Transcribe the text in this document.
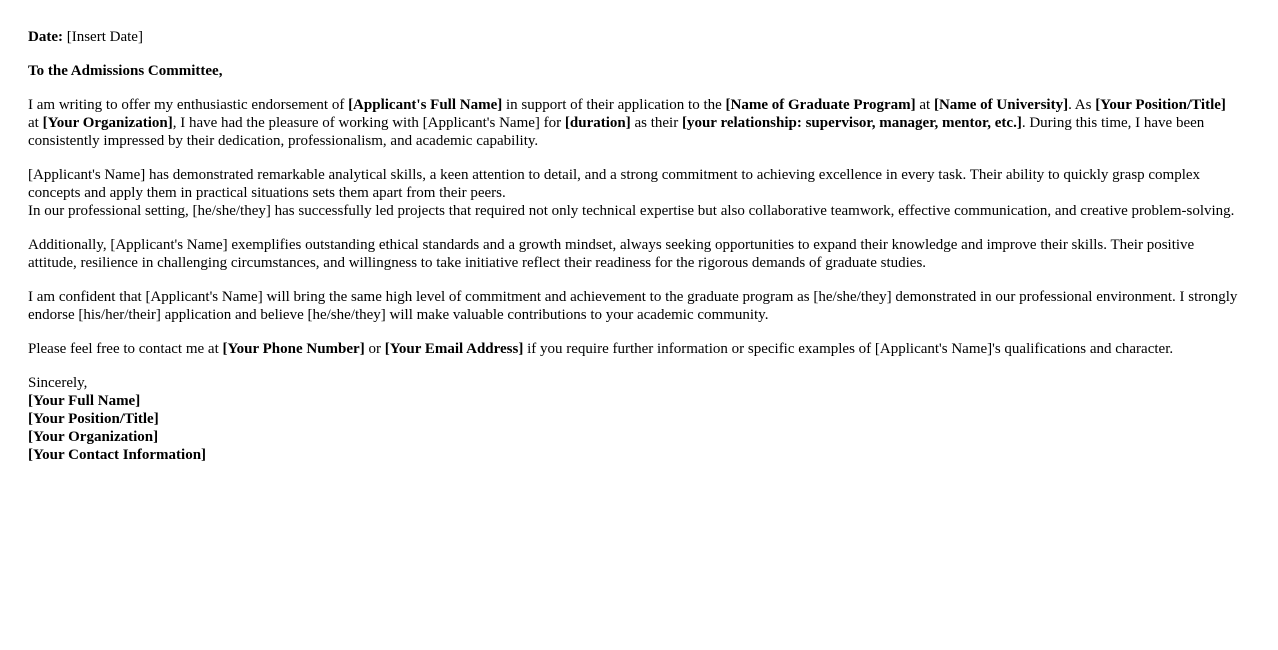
Date: [Insert Date]

To the Admissions Committee,

I am writing to offer my enthusiastic endorsement of [Applicant's Full Name] in support of their application to the [Name of Graduate Program] at [Name of University]. As [Your Position/Title] at [Your Organization], I have had the pleasure of working with [Applicant's Name] for [duration] as their [your relationship: supervisor, manager, mentor, etc.]. During this time, I have been consistently impressed by their dedication, professionalism, and academic capability.

[Applicant's Name] has demonstrated remarkable analytical skills, a keen attention to detail, and a strong commitment to achieving excellence in every task. Their ability to quickly grasp complex concepts and apply them in practical situations sets them apart from their peers.
In our professional setting, [he/she/they] has successfully led projects that required not only technical expertise but also collaborative teamwork, effective communication, and creative problem-solving.

Additionally, [Applicant's Name] exemplifies outstanding ethical standards and a growth mindset, always seeking opportunities to expand their knowledge and improve their skills. Their positive attitude, resilience in challenging circumstances, and willingness to take initiative reflect their readiness for the rigorous demands of graduate studies.

I am confident that [Applicant's Name] will bring the same high level of commitment and achievement to the graduate program as [he/she/they] demonstrated in our professional environment. I strongly endorse [his/her/their] application and believe [he/she/they] will make valuable contributions to your academic community.

Please feel free to contact me at [Your Phone Number] or [Your Email Address] if you require further information or specific examples of [Applicant's Name]'s qualifications and character.

Sincerely,
[Your Full Name]
[Your Position/Title]
[Your Organization]
[Your Contact Information]
